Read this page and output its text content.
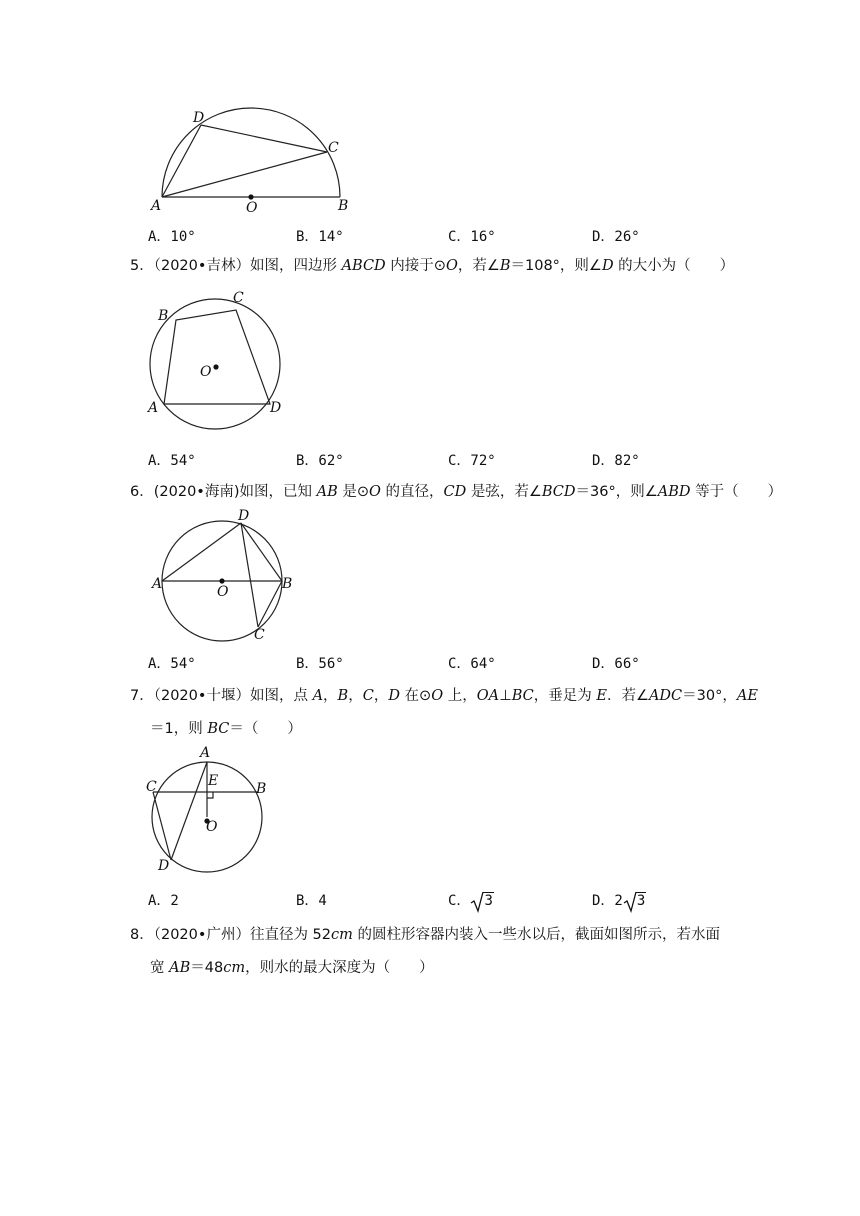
D
C
A	O	B
A．10°	B．14°	C．16°	D．26°
5．（2020•吉林）如图，四边形 ABCD 内接于⊙O，若∠B＝108°，则∠D 的大小为（　　）
B
C
O
A	D
A．54°	B．62°	C．72°	D．82°
6．(2020•海南)如图，已知 AB 是⊙O 的直径，CD 是弦，若∠BCD＝36°，则∠ABD 等于（　　）
D
A	O	B
C
A．54°	B．56°	C．64°	D．66°
7．（2020•十堰）如图，点 A，B，C，D 在⊙O 上，OA⊥BC，垂足为 E．若∠ADC＝30°，AE
＝1，则 BC＝（　　）
A
C	B
E
O
D
A．2	B．4	C． 3	D．2 3
8．（2020•广州）往直径为 52cm 的圆柱形容器内装入一些水以后，截面如图所示，若水面
宽 AB＝48cm，则水的最大深度为（　　）
